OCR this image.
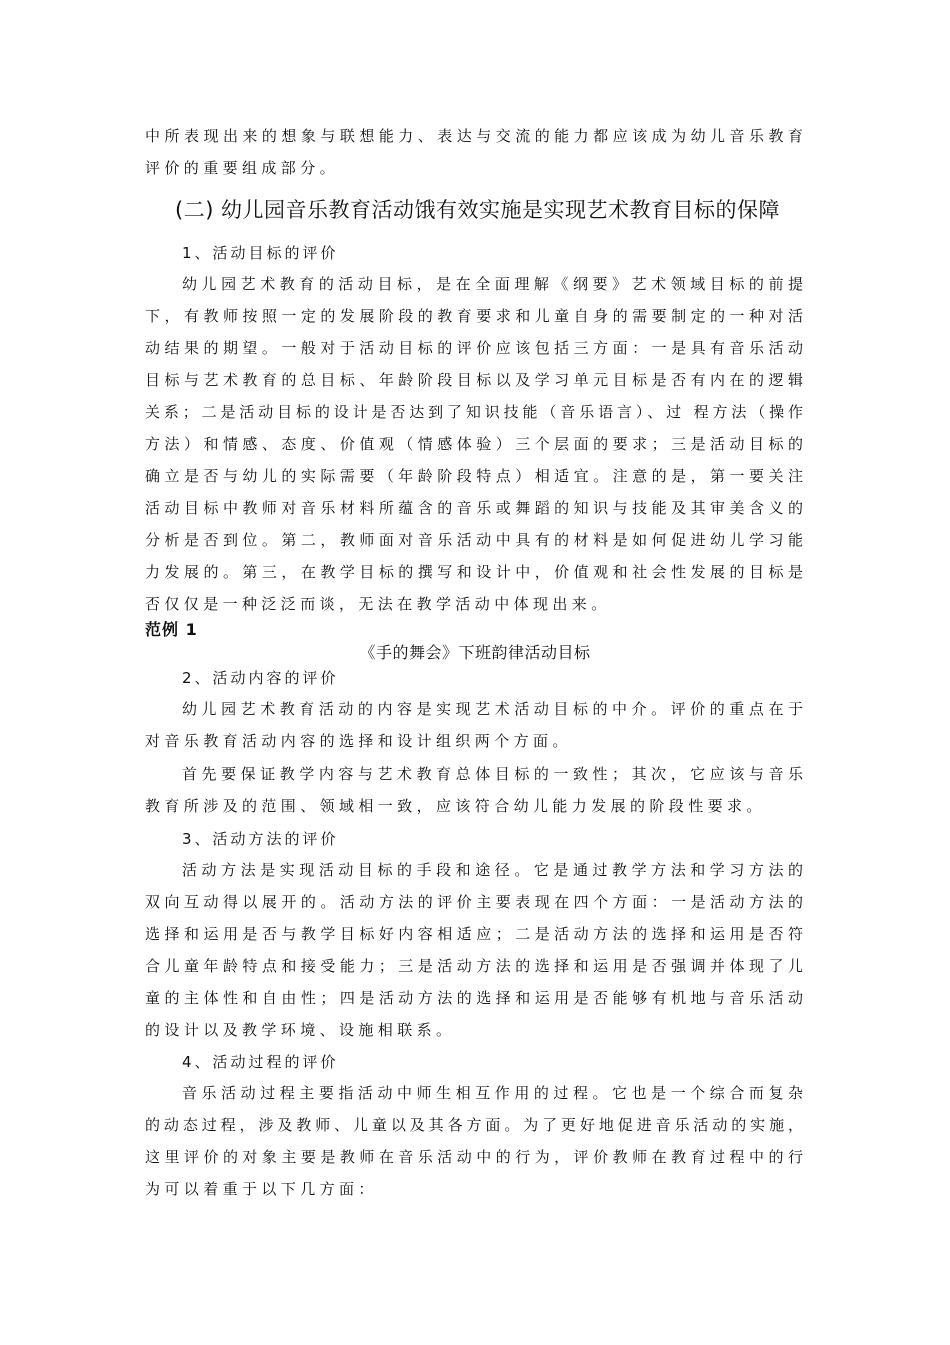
中所表现出来的想象与联想能力、表达与交流的能力都应该成为幼儿音乐教育
评价的重要组成部分。
(二) 幼儿园音乐教育活动饿有效实施是实现艺术教育目标的保障
1、活动目标的评价
幼儿园艺术教育的活动目标，是在全面理解《纲要》艺术领域目标的前提
下，有教师按照一定的发展阶段的教育要求和儿童自身的需要制定的一种对活
动结果的期望。一般对于活动目标的评价应该包括三方面：一是具有音乐活动
目标与艺术教育的总目标、年龄阶段目标以及学习单元目标是否有内在的逻辑
关系；二是活动目标的设计是否达到了知识技能（音乐语言）、过 程方法（操作
方法）和情感、态度、价值观（情感体验）三个层面的要求；三是活动目标的
确立是否与幼儿的实际需要（年龄阶段特点）相适宜。注意的是，第一要关注
活动目标中教师对音乐材料所蕴含的音乐或舞蹈的知识与技能及其审美含义的
分析是否到位。第二，教师面对音乐活动中具有的材料是如何促进幼儿学习能
力发展的。第三，在教学目标的撰写和设计中，价值观和社会性发展的目标是
否仅仅是一种泛泛而谈，无法在教学活动中体现出来。
范例 1
《手的舞会》下班韵律活动目标
2、活动内容的评价
幼儿园艺术教育活动的内容是实现艺术活动目标的中介。评价的重点在于
对音乐教育活动内容的选择和设计组织两个方面。
首先要保证教学内容与艺术教育总体目标的一致性；其次，它应该与音乐
教育所涉及的范围、领域相一致，应该符合幼儿能力发展的阶段性要求。
3、活动方法的评价
活动方法是实现活动目标的手段和途径。它是通过教学方法和学习方法的
双向互动得以展开的。活动方法的评价主要表现在四个方面：一是活动方法的
选择和运用是否与教学目标好内容相适应；二是活动方法的选择和运用是否符
合儿童年龄特点和接受能力；三是活动方法的选择和运用是否强调并体现了儿
童的主体性和自由性；四是活动方法的选择和运用是否能够有机地与音乐活动
的设计以及教学环境、设施相联系。
4、活动过程的评价
音乐活动过程主要指活动中师生相互作用的过程。它也是一个综合而复杂
的动态过程，涉及教师、儿童以及其各方面。为了更好地促进音乐活动的实施，
这里评价的对象主要是教师在音乐活动中的行为，评价教师在教育过程中的行
为可以着重于以下几方面：
